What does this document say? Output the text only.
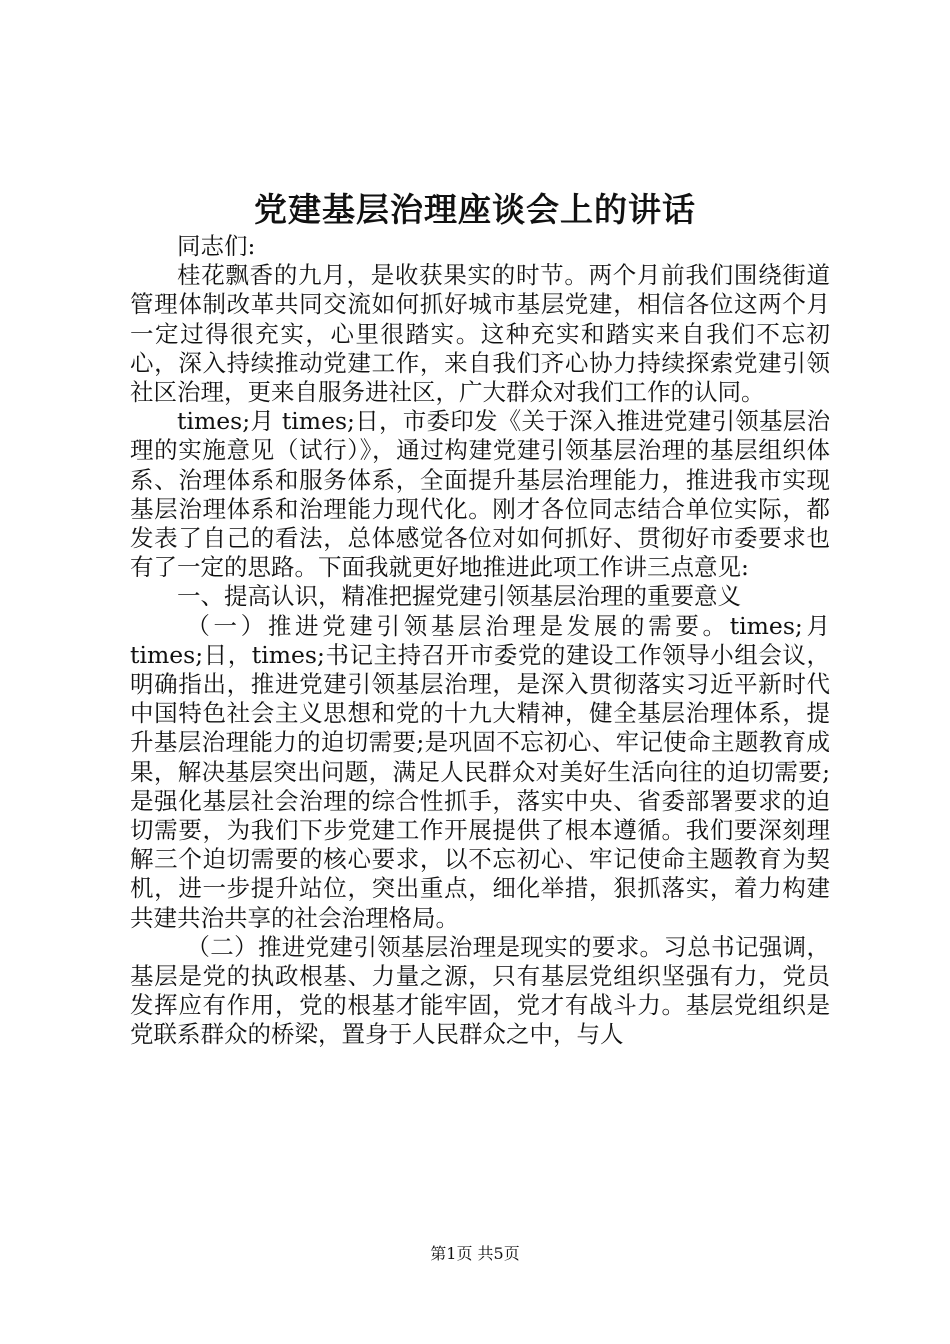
党建基层治理座谈会上的讲话

同志们:

桂花飘香的九月，是收获果实的时节。两个月前我们围绕街道管理体制改革共同交流如何抓好城市基层党建，相信各位这两个月一定过得很充实，心里很踏实。这种充实和踏实来自我们不忘初心，深入持续推动党建工作，来自我们齐心协力持续探索党建引领社区治理，更来自服务进社区，广大群众对我们工作的认同。

times;月 times;日，市委印发《关于深入推进党建引领基层治理的实施意见（试行）》，通过构建党建引领基层治理的基层组织体系、治理体系和服务体系，全面提升基层治理能力，推进我市实现基层治理体系和治理能力现代化。刚才各位同志结合单位实际，都发表了自己的看法，总体感觉各位对如何抓好、贯彻好市委要求也有了一定的思路。下面我就更好地推进此项工作讲三点意见:

一、提高认识，精准把握党建引领基层治理的重要意义

（一）推进党建引领基层治理是发展的需要。times;月 times;日，times;书记主持召开市委党的建设工作领导小组会议，明确指出，推进党建引领基层治理，是深入贯彻落实习近平新时代中国特色社会主义思想和党的十九大精神，健全基层治理体系，提升基层治理能力的迫切需要;是巩固不忘初心、牢记使命主题教育成果，解决基层突出问题，满足人民群众对美好生活向往的迫切需要;是强化基层社会治理的综合性抓手，落实中央、省委部署要求的迫切需要，为我们下步党建工作开展提供了根本遵循。我们要深刻理解三个迫切需要的核心要求，以不忘初心、牢记使命主题教育为契机，进一步提升站位，突出重点，细化举措，狠抓落实，着力构建共建共治共享的社会治理格局。

（二）推进党建引领基层治理是现实的要求。习总书记强调，基层是党的执政根基、力量之源，只有基层党组织坚强有力，党员发挥应有作用，党的根基才能牢固，党才有战斗力。基层党组织是党联系群众的桥梁，置身于人民群众之中，与人

第1页 共5页
